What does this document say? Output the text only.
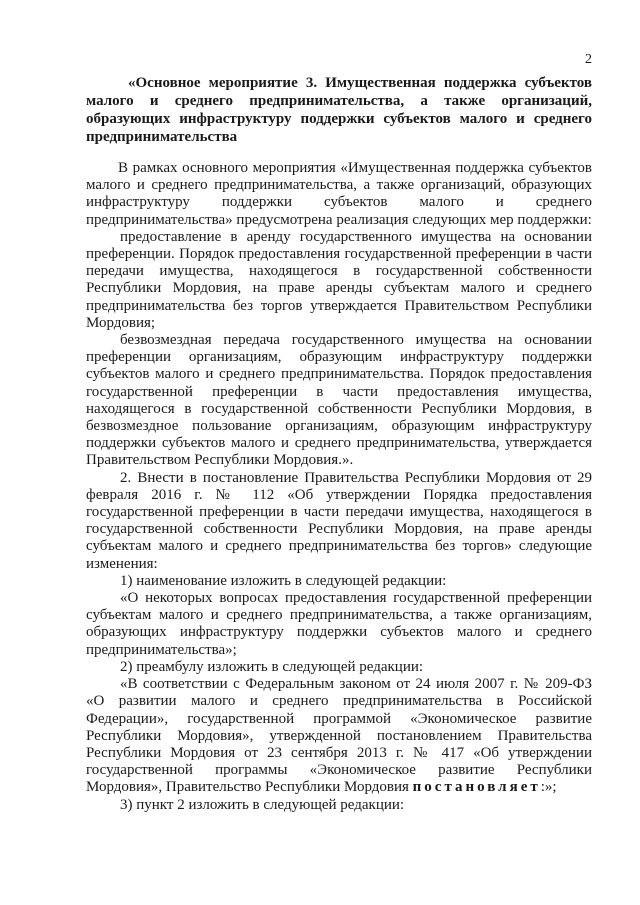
2
«Основное мероприятие 3. Имущественная поддержка субъектов малого и среднего предпринимательства, а также организаций, образующих инфраструктуру поддержки субъектов малого и среднего предпринимательства

В рамках основного мероприятия «Имущественная поддержка субъектов малого и среднего предпринимательства, а также организаций, образующих инфраструктуру поддержки субъектов малого и среднего предпринимательства» предусмотрена реализация следующих мер поддержки:

предоставление в аренду государственного имущества на основании преференции. Порядок предоставления государственной преференции в части передачи имущества, находящегося в государственной собственности Республики Мордовия, на праве аренды субъектам малого и среднего предпринимательства без торгов утверждается Правительством Республики Мордовия;

безвозмездная передача государственного имущества на основании преференции организациям, образующим инфраструктуру поддержки субъектов малого и среднего предпринимательства. Порядок предоставления государственной преференции в части предоставления имущества, находящегося в государственной собственности Республики Мордовия, в безвозмездное пользование организациям, образующим инфраструктуру поддержки субъектов малого и среднего предпринимательства, утверждается Правительством Республики Мордовия.».

2. Внести в постановление Правительства Республики Мордовия от 29 февраля 2016 г. № 112 «Об утверждении Порядка предоставления государственной преференции в части передачи имущества, находящегося в государственной собственности Республики Мордовия, на праве аренды субъектам малого и среднего предпринимательства без торгов» следующие изменения:

1) наименование изложить в следующей редакции:

«О некоторых вопросах предоставления государственной преференции субъектам малого и среднего предпринимательства, а также организациям, образующих инфраструктуру поддержки субъектов малого и среднего предпринимательства»;

2) преамбулу изложить в следующей редакции:

«В соответствии с Федеральным законом от 24 июля 2007 г. № 209-ФЗ «О развитии малого и среднего предпринимательства в Российской Федерации», государственной программой «Экономическое развитие Республики Мордовия», утвержденной постановлением Правительства Республики Мордовия от 23 сентября 2013 г. № 417 «Об утверждении государственной программы «Экономическое развитие Республики Мордовия», Правительство Республики Мордовия постановляет:»;

3) пункт 2 изложить в следующей редакции:
